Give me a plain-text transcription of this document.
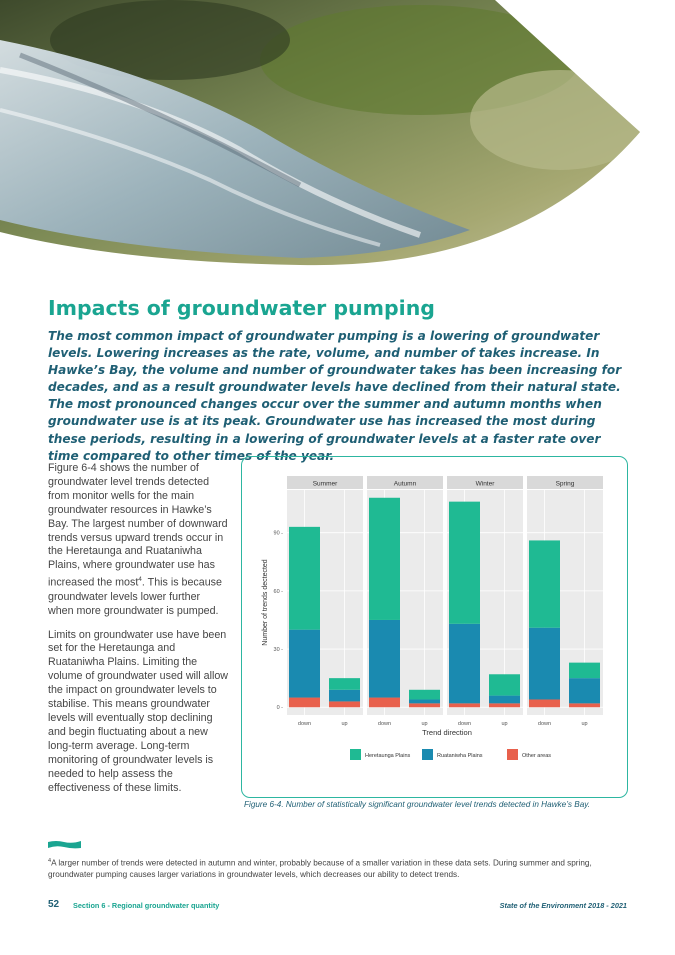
Impacts of groundwater pumping

The most common impact of groundwater pumping is a lowering of groundwater levels. Lowering increases as the rate, volume, and number of takes increase. In Hawke’s Bay, the volume and number of groundwater takes has been increasing for decades, and as a result groundwater levels have declined from their natural state. The most pronounced changes occur over the summer and autumn months when groundwater use is at its peak. Groundwater use has increased the most during these periods, resulting in a lowering of groundwater levels at a faster rate over time compared to other times of the year.

Figure 6-4 shows the number of groundwater level trends detected from monitor wells for the main groundwater resources in Hawke’s Bay. The largest number of downward trends versus upward trends occur in the Heretaunga and Ruataniwha Plains, where groundwater use has increased the most$^4$. This is because groundwater levels lower further when more groundwater is pumped.

Limits on groundwater use have been set for the Heretaunga and Ruataniwha Plains. Limiting the volume of groundwater used will allow the impact on groundwater levels to stabilise. This means groundwater levels will eventually stop declining and begin fluctuating about a new long-term average. Long-term monitoring of groundwater levels is needed to help assess the effectiveness of these limits.

Summer
down	up
Autumn
down	up
Winter
down	up
Spring
down	up
0 -
30 -
60 -
90 -
Number of trends dectected
Trend direction
Heretaunga Plains	Ruataniwha Plains	Other areas

Figure 6-4. Number of statistically significant groundwater level trends detected in Hawke’s Bay.

$^4$A larger number of trends were detected in autumn and winter, probably because of a smaller variation in these data sets. During summer and spring, groundwater pumping causes larger variations in groundwater levels, which decreases our ability to detect trends.

52 Section 6 - Regional groundwater quantity	State of the Environment 2018 - 2021
